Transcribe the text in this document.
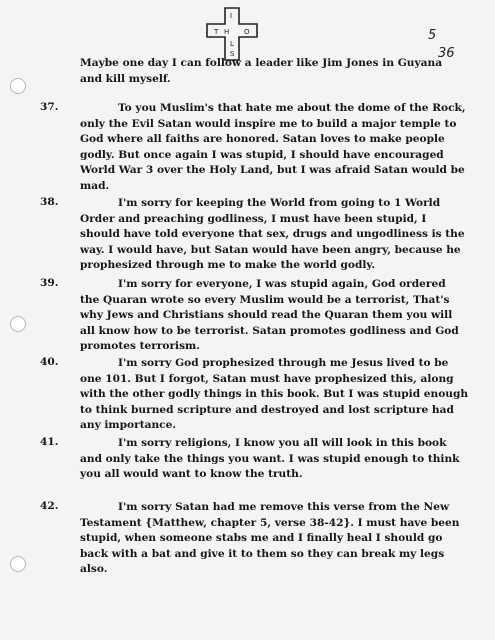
I
T H O
L
S
5
36
Maybe one day I can follow a leader like Jim Jones in Guyana
and kill myself.
37.	To you Muslim's that hate me about the dome of the Rock,
only the Evil Satan would inspire me to build a major temple to
God where all faiths are honored. Satan loves to make people
godly. But once again I was stupid, I should have encouraged
World War 3 over the Holy Land, but I was afraid Satan would be
mad.
38.	I'm sorry for keeping the World from going to 1 World
Order and preaching godliness, I must have been stupid, I
should have told everyone that sex, drugs and ungodliness is the
way. I would have, but Satan would have been angry, because he
prophesized through me to make the world godly.
39.	I'm sorry for everyone, I was stupid again, God ordered
the Quaran wrote so every Muslim would be a terrorist, That's
why Jews and Christians should read the Quaran them you will
all know how to be terrorist. Satan promotes godliness and God
promotes terrorism.
40.	I'm sorry God prophesized through me Jesus lived to be
one 101. But I forgot, Satan must have prophesized this, along
with the other godly things in this book. But I was stupid enough
to think burned scripture and destroyed and lost scripture had
any importance.
41.	I'm sorry religions, I know you all will look in this book
and only take the things you want. I was stupid enough to think
you all would want to know the truth.
42.	I'm sorry Satan had me remove this verse from the New
Testament {Matthew, chapter 5, verse 38-42}. I must have been
stupid, when someone stabs me and I finally heal I should go
back with a bat and give it to them so they can break my legs
also.
